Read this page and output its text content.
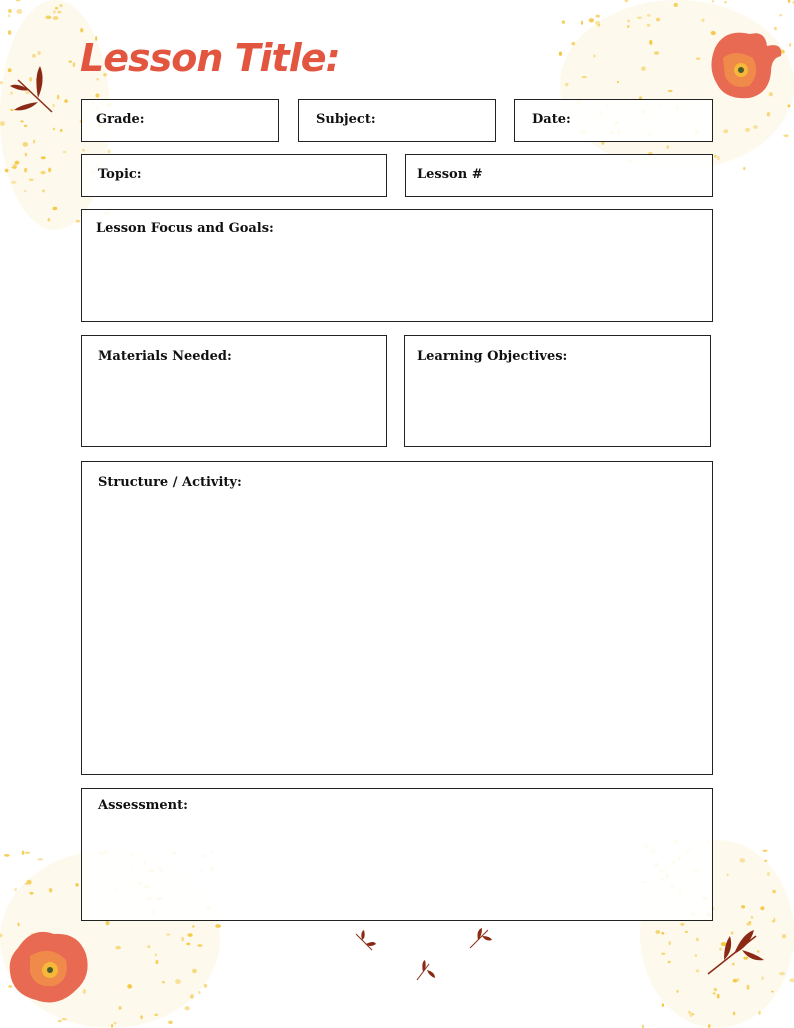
Lesson Title:
Grade:	Subject:	Date:
Topic:	Lesson #
Lesson Focus and Goals:
Materials Needed:	Learning Objectives:
Structure / Activity:
Assessment:
